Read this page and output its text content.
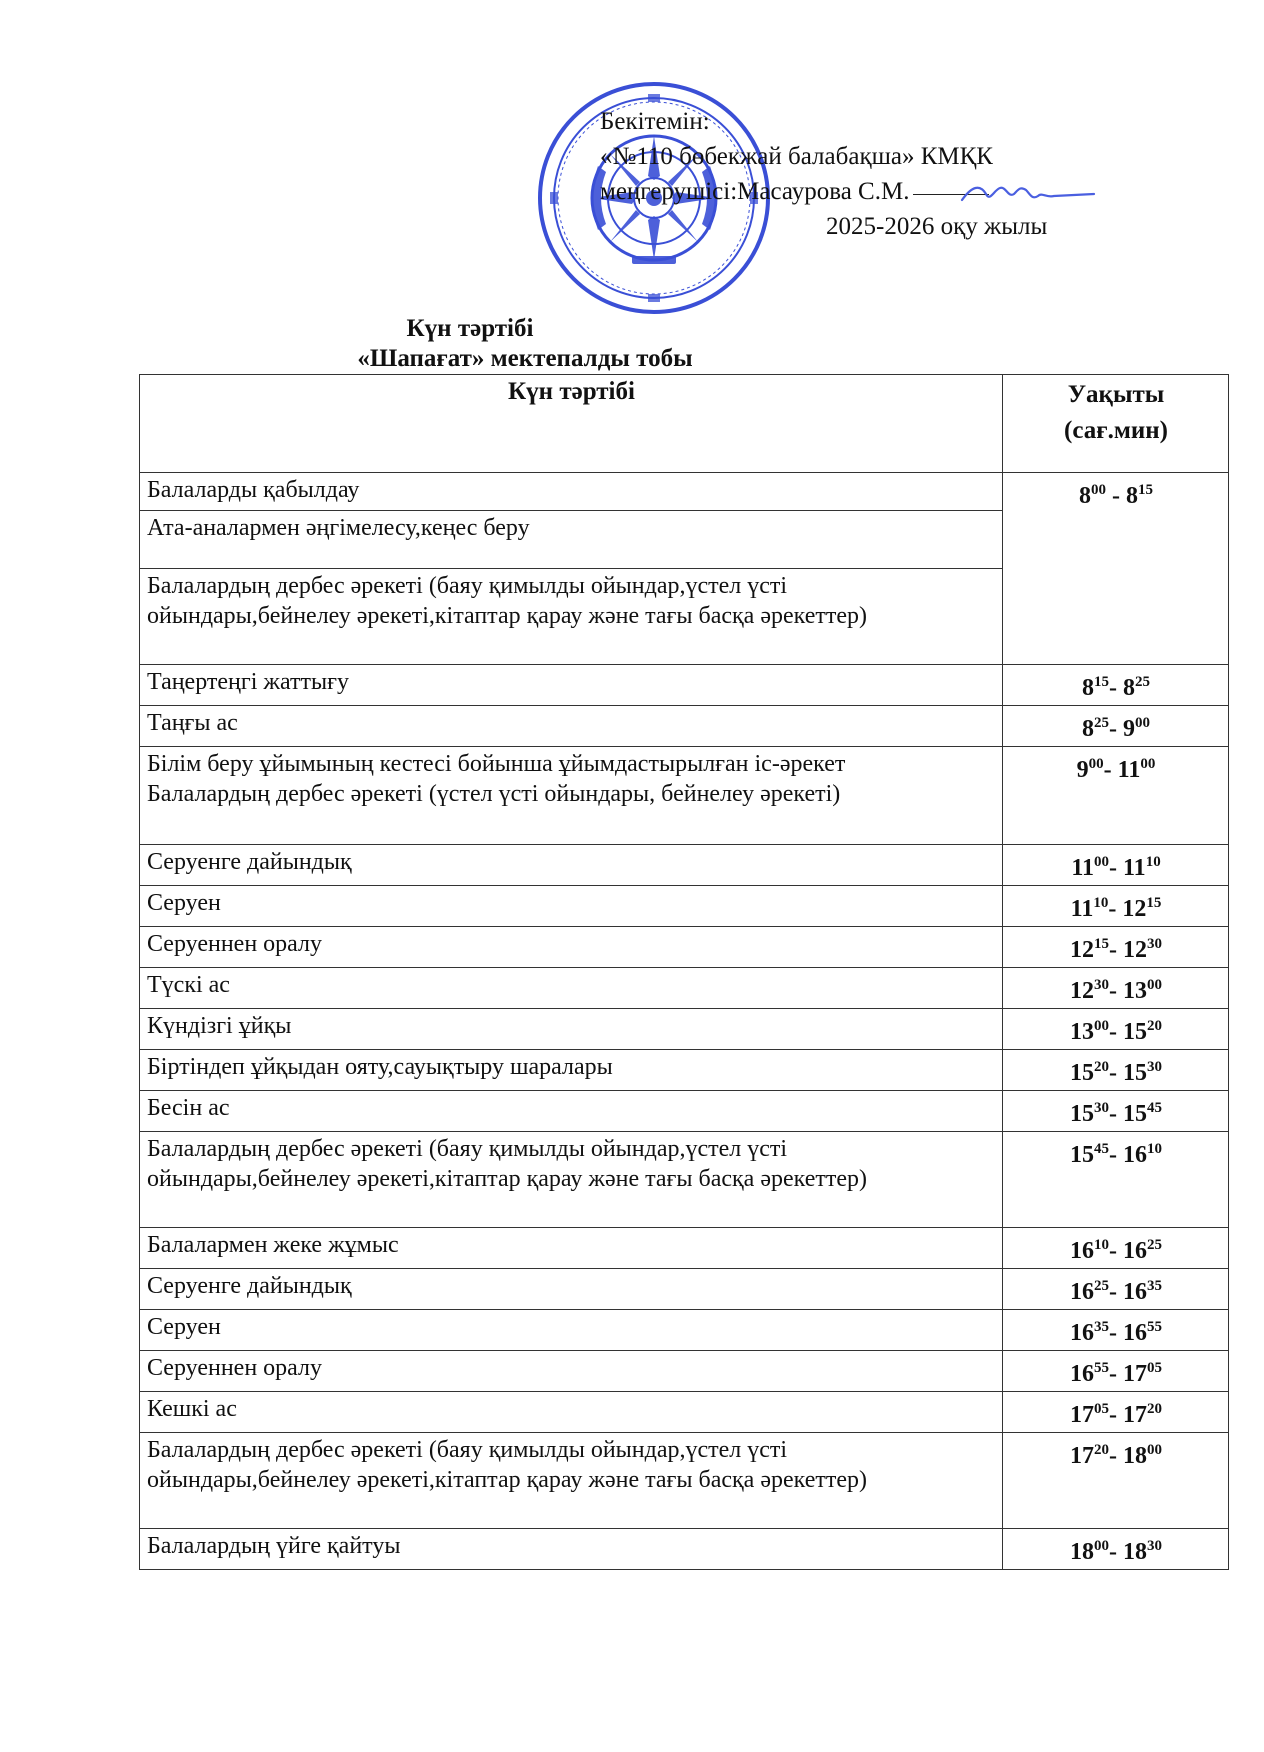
Бекітемін:
«№110 бөбекжай балабақша» КМҚК
меңгерушісі:Масаурова С.М.
2025-2026 оқу жылы
Күн тәртібі
«Шапағат» мектепалды тобы
Күн тәртібі	Уақыты
(сағ.мин)

Балаларды қабылдау	$8^{00} - 8^{15}$
Ата-аналармен әңгімелесу,кеңес беру	
Балалардың дербес әрекеті (баяу қимылды ойындар,үстел үсті ойындары,бейнелеу әрекеті,кітаптар қарау және тағы басқа әрекеттер)	
Таңертеңгі жаттығу	$8^{15}-$ $8^{25}$
Таңғы ас	$8^{25}-$ $9^{00}$

Білім беру ұйымының кестесі бойынша ұйымдастырылған іс-әрекет
Балалардың дербес әрекеті (үстел үсті ойындары, бейнелеу әрекеті)	$9^{00}-$ $11^{00}$
Серуенге дайындық	$11^{00}-$ $11^{10}$
Серуен	$11^{10}-$ $12^{15}$
Серуеннен оралу	$12^{15}-$ $12^{30}$
Түскі ас	$12^{30}-$ $13^{00}$
Күндізгі ұйқы	$13^{00}-$ $15^{20}$
Біртіндеп ұйқыдан ояту,сауықтыру шаралары	$15^{20}-$ $15^{30}$
Бесін ас	$15^{30}-$ $15^{45}$
Балалардың дербес әрекеті (баяу қимылды ойындар,үстел үсті ойындары,бейнелеу әрекеті,кітаптар қарау және тағы басқа әрекеттер)	$15^{45}-$ $16^{10}$
Балалармен жеке жұмыс	$16^{10}-$ $16^{25}$
Серуенге дайындық	$16^{25}-$ $16^{35}$
Серуен	$16^{35}-$ $16^{55}$
Серуеннен оралу	$16^{55}-$ $17^{05}$
Кешкі ас	$17^{05}-$ $17^{20}$
Балалардың дербес әрекеті (баяу қимылды ойындар,үстел үсті ойындары,бейнелеу әрекеті,кітаптар қарау және тағы басқа әрекеттер)	$17^{20}-$ $18^{00}$
Балалардың үйге қайтуы	$18^{00}-$ $18^{30}$
